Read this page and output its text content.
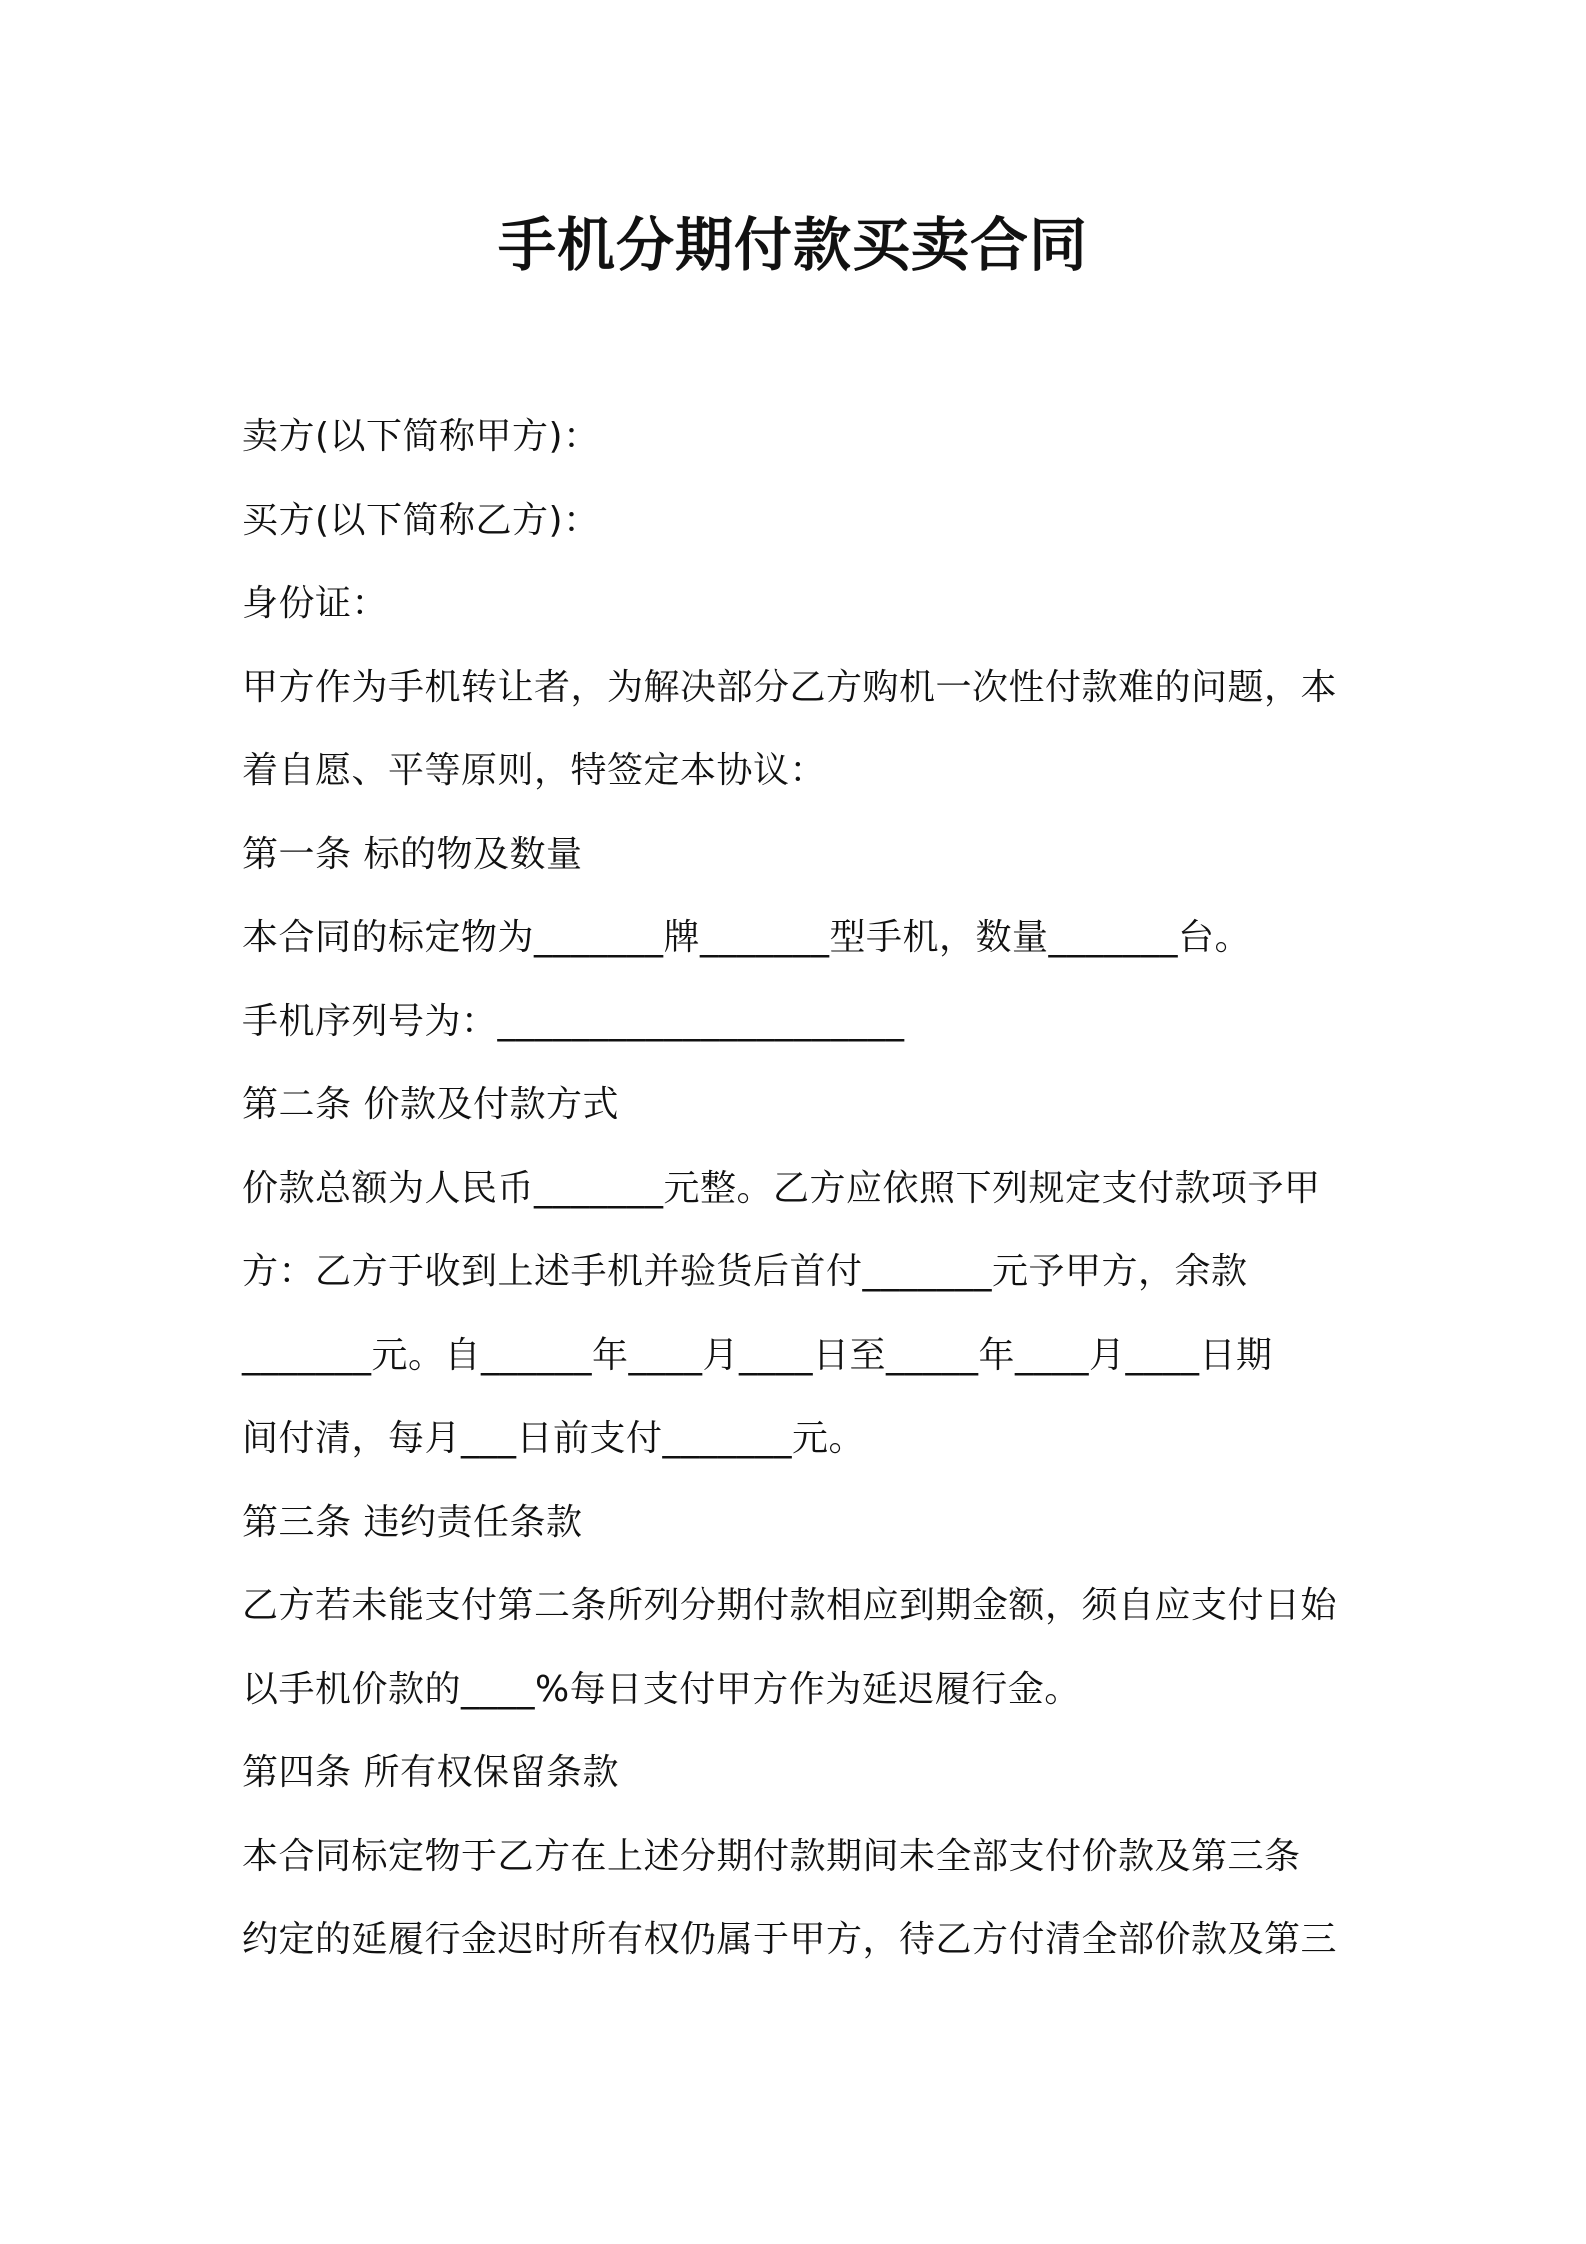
手机分期付款买卖合同
卖方(以下简称甲方)：
买方(以下简称乙方)：
身份证：
甲方作为手机转让者，为解决部分乙方购机一次性付款难的问题，本
着自愿、平等原则，特签定本协议：
第一条 标的物及数量
本合同的标定物为_______牌_______型手机，数量_______台。
手机序列号为：______________________
第二条 价款及付款方式
价款总额为人民币_______元整。乙方应依照下列规定支付款项予甲
方：乙方于收到上述手机并验货后首付_______元予甲方，余款
_______元。自______年____月____日至_____年____月____日期
间付清，每月___日前支付_______元。
第三条 违约责任条款
乙方若未能支付第二条所列分期付款相应到期金额，须自应支付日始
以手机价款的____%每日支付甲方作为延迟履行金。
第四条 所有权保留条款
本合同标定物于乙方在上述分期付款期间未全部支付价款及第三条
约定的延履行金迟时所有权仍属于甲方，待乙方付清全部价款及第三
